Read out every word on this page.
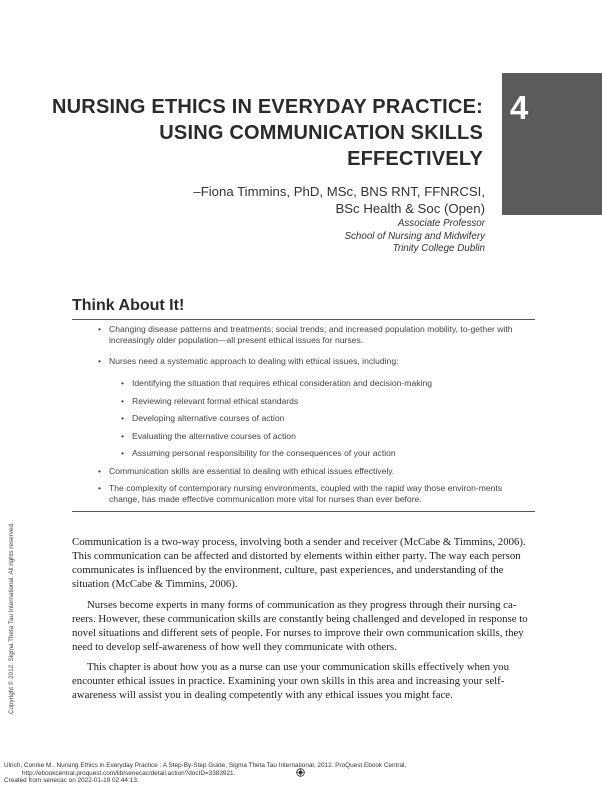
4
NURSING ETHICS IN EVERYDAY PRACTICE:
USING COMMUNICATION SKILLS
EFFECTIVELY
–Fiona Timmins, PhD, MSc, BNS RNT, FFNRCSI,
BSc Health & Soc (Open)
Associate Professor
School of Nursing and Midwifery
Trinity College Dublin
Think About It!
• Changing disease patterns and treatments; social trends; and increased population mobility, to-gether with increasingly older population—all present ethical issues for nurses.
• Nurses need a systematic approach to dealing with ethical issues, including:
• Identifying the situation that requires ethical consideration and decision-making
• Reviewing relevant formal ethical standards
• Developing alternative courses of action
• Evaluating the alternative courses of action
• Assuming personal responsibility for the consequences of your action
• Communication skills are essential to dealing with ethical issues effectively.
• The complexity of contemporary nursing environments, coupled with the rapid way those environ-ments change, has made effective communication more vital for nurses than ever before.

Communication is a two-way process, involving both a sender and receiver (McCabe & Timmins, 2006). This communication can be affected and distorted by elements within either party. The way each person communicates is influenced by the environment, culture, past experiences, and understanding of the situation (McCabe & Timmins, 2006).

Nurses become experts in many forms of communication as they progress through their nursing ca-reers. However, these communication skills are constantly being challenged and developed in response to novel situations and different sets of people. For nurses to improve their own communication skills, they need to develop self-awareness of how well they communicate with others.

This chapter is about how you as a nurse can use your communication skills effectively when you encounter ethical issues in practice. Examining your own skills in this area and increasing your self-awareness will assist you in dealing competently with any ethical issues you might face.

Copyright © 2012. Sigma Theta Tau International. All rights reserved.
Ulrich, Connie M.. Nursing Ethics in Everyday Practice : A Step-By-Step Guide, Sigma Theta Tau International, 2012. ProQuest Ebook Central,
http://ebookcentral.proquest.com/lib/senecac/detail.action?docID=3383921.
Created from senecac on 2022-01-19 02:44:13.
